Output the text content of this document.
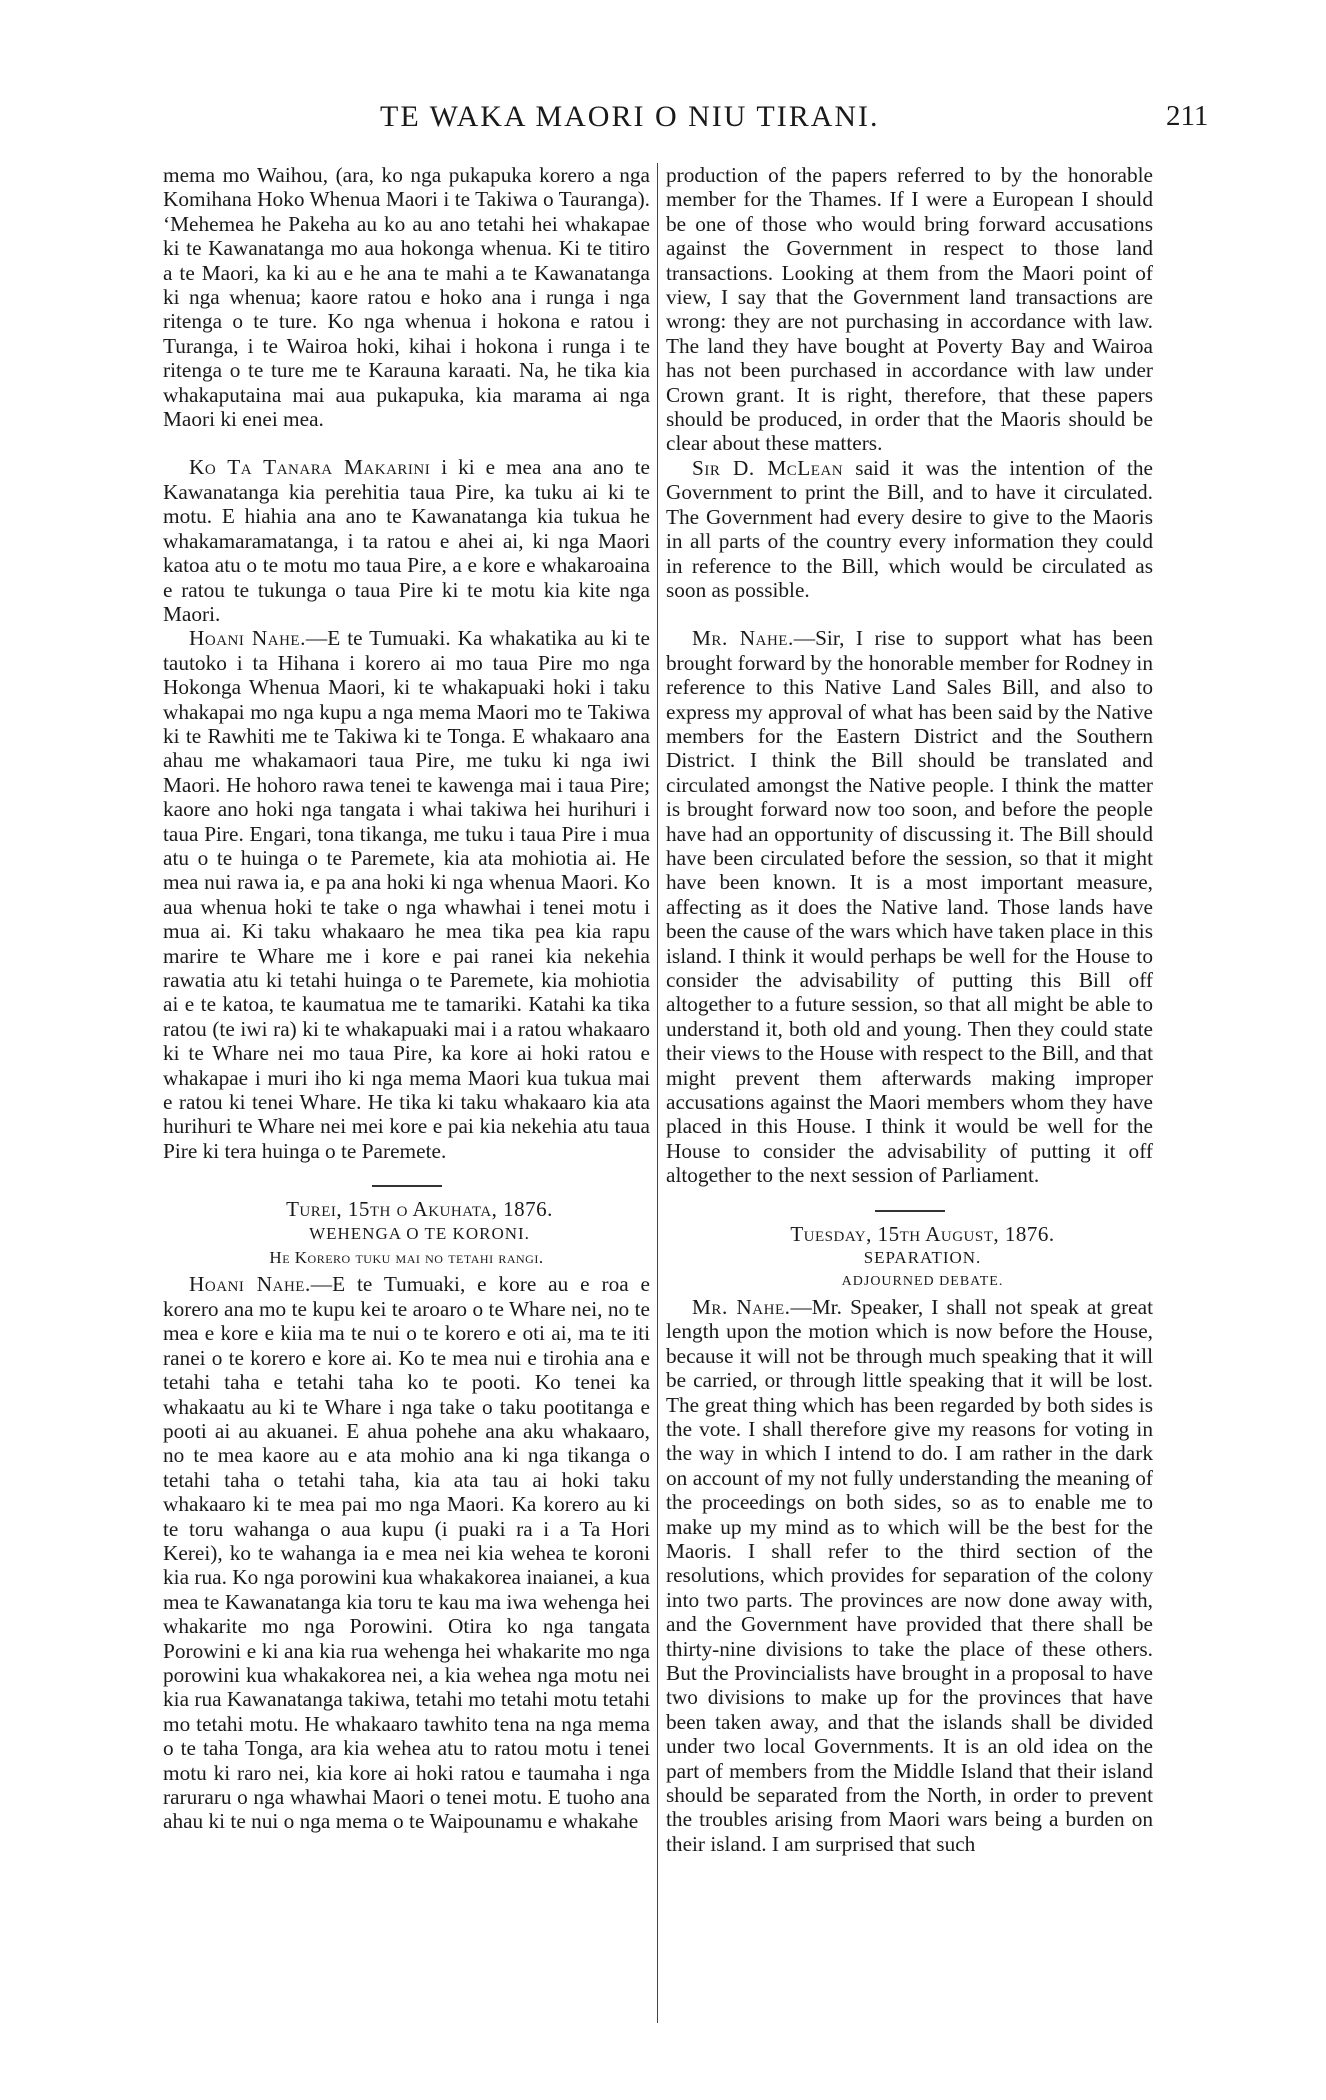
TE WAKA MAORI O NIU TIRANI.	211

mema mo Waihou, (ara, ko nga pukapuka korero a nga Komihana Hoko Whenua Maori i te Takiwa o Tauranga). ‘Mehemea he Pakeha au ko au ano tetahi hei whakapae ki te Kawanatanga mo aua hokonga whenua. Ki te titiro a te Maori, ka ki au e he ana te mahi a te Kawanatanga ki nga whenua; kaore ratou e hoko ana i runga i nga ritenga o te ture. Ko nga whenua i hokona e ratou i Turanga, i te Wairoa hoki, kihai i hokona i runga i te ritenga o te ture me te Karauna karaati. Na, he tika kia whakaputaina mai aua pukapuka, kia marama ai nga Maori ki enei mea.

Ko Ta Tanara Makarini i ki e mea ana ano te Kawanatanga kia perehitia taua Pire, ka tuku ai ki te motu. E hiahia ana ano te Kawanatanga kia tukua he whakamaramatanga, i ta ratou e ahei ai, ki nga Maori katoa atu o te motu mo taua Pire, a e kore e whakaroaina e ratou te tukunga o taua Pire ki te motu kia kite nga Maori.

Hoani Nahe.—E te Tumuaki. Ka whakatika au ki te tautoko i ta Hihana i korero ai mo taua Pire mo nga Hokonga Whenua Maori, ki te whakapuaki hoki i taku whakapai mo nga kupu a nga mema Maori mo te Takiwa ki te Rawhiti me te Takiwa ki te Tonga. E whakaaro ana ahau me whakamaori taua Pire, me tuku ki nga iwi Maori. He hohoro rawa tenei te kawenga mai i taua Pire; kaore ano hoki nga tangata i whai takiwa hei hurihuri i taua Pire. Engari, tona tikanga, me tuku i taua Pire i mua atu o te huinga o te Paremete, kia ata mohiotia ai. He mea nui rawa ia, e pa ana hoki ki nga whenua Maori. Ko aua whenua hoki te take o nga whawhai i tenei motu i mua ai. Ki taku whakaaro he mea tika pea kia rapu marire te Whare me i kore e pai ranei kia nekehia rawatia atu ki tetahi huinga o te Paremete, kia mohiotia ai e te katoa, te kaumatua me te tamariki. Katahi ka tika ratou (te iwi ra) ki te whakapuaki mai i a ratou whakaaro ki te Whare nei mo taua Pire, ka kore ai hoki ratou e whakapae i muri iho ki nga mema Maori kua tukua mai e ratou ki tenei Whare. He tika ki taku whakaaro kia ata hurihuri te Whare nei mei kore e pai kia nekehia atu taua Pire ki tera huinga o te Paremete.

Turei, 15th o Akuhata, 1876.

WEHENGA O TE KORONI.

He Korero tuku mai no tetahi rangi.

Hoani Nahe.—E te Tumuaki, e kore au e roa e korero ana mo te kupu kei te aroaro o te Whare nei, no te mea e kore e kiia ma te nui o te korero e oti ai, ma te iti ranei o te korero e kore ai. Ko te mea nui e tirohia ana e tetahi taha e tetahi taha ko te pooti. Ko tenei ka whakaatu au ki te Whare i nga take o taku pootitanga e pooti ai au akuanei. E ahua pohehe ana aku whakaaro, no te mea kaore au e ata mohio ana ki nga tikanga o tetahi taha o tetahi taha, kia ata tau ai hoki taku whakaaro ki te mea pai mo nga Maori. Ka korero au ki te toru wahanga o aua kupu (i puaki ra i a Ta Hori Kerei), ko te wahanga ia e mea nei kia wehea te koroni kia rua. Ko nga porowini kua whakakorea inaianei, a kua mea te Kawanatanga kia toru te kau ma iwa wehenga hei whakarite mo nga Porowini. Otira ko nga tangata Porowini e ki ana kia rua wehenga hei whakarite mo nga porowini kua whakakorea nei, a kia wehea nga motu nei kia rua Kawanatanga takiwa, tetahi mo tetahi motu tetahi mo tetahi motu. He whakaaro tawhito tena na nga mema o te taha Tonga, ara kia wehea atu to ratou motu i tenei motu ki raro nei, kia kore ai hoki ratou e taumaha i nga raruraru o nga whawhai Maori o tenei motu. E tuoho ana ahau ki te nui o nga mema o te Waipounamu e whakahe

production of the papers referred to by the honorable member for the Thames. If I were a European I should be one of those who would bring forward accusations against the Government in respect to those land transactions. Looking at them from the Maori point of view, I say that the Government land transactions are wrong: they are not purchasing in accordance with law. The land they have bought at Poverty Bay and Wairoa has not been purchased in accordance with law under Crown grant. It is right, therefore, that these papers should be produced, in order that the Maoris should be clear about these matters.

Sir D. McLean said it was the intention of the Government to print the Bill, and to have it circulated. The Government had every desire to give to the Maoris in all parts of the country every information they could in reference to the Bill, which would be circulated as soon as possible.

Mr. Nahe.—Sir, I rise to support what has been brought forward by the honorable member for Rodney in reference to this Native Land Sales Bill, and also to express my approval of what has been said by the Native members for the Eastern District and the Southern District. I think the Bill should be translated and circulated amongst the Native people. I think the matter is brought forward now too soon, and before the people have had an opportunity of discussing it. The Bill should have been circulated before the session, so that it might have been known. It is a most important measure, affecting as it does the Native land. Those lands have been the cause of the wars which have taken place in this island. I think it would perhaps be well for the House to consider the advisability of putting this Bill off altogether to a future session, so that all might be able to understand it, both old and young. Then they could state their views to the House with respect to the Bill, and that might prevent them afterwards making improper accusations against the Maori members whom they have placed in this House. I think it would be well for the House to consider the advisability of putting it off altogether to the next session of Parliament.

Tuesday, 15th August, 1876.

SEPARATION.

ADJOURNED DEBATE.

Mr. Nahe.—Mr. Speaker, I shall not speak at great length upon the motion which is now before the House, because it will not be through much speaking that it will be carried, or through little speaking that it will be lost. The great thing which has been regarded by both sides is the vote. I shall therefore give my reasons for voting in the way in which I intend to do. I am rather in the dark on account of my not fully understanding the meaning of the proceedings on both sides, so as to enable me to make up my mind as to which will be the best for the Maoris. I shall refer to the third section of the resolutions, which provides for separation of the colony into two parts. The provinces are now done away with, and the Government have provided that there shall be thirty-nine divisions to take the place of these others. But the Provincialists have brought in a proposal to have two divisions to make up for the provinces that have been taken away, and that the islands shall be divided under two local Governments. It is an old idea on the part of members from the Middle Island that their island should be separated from the North, in order to prevent the troubles arising from Maori wars being a burden on their island. I am surprised that such
